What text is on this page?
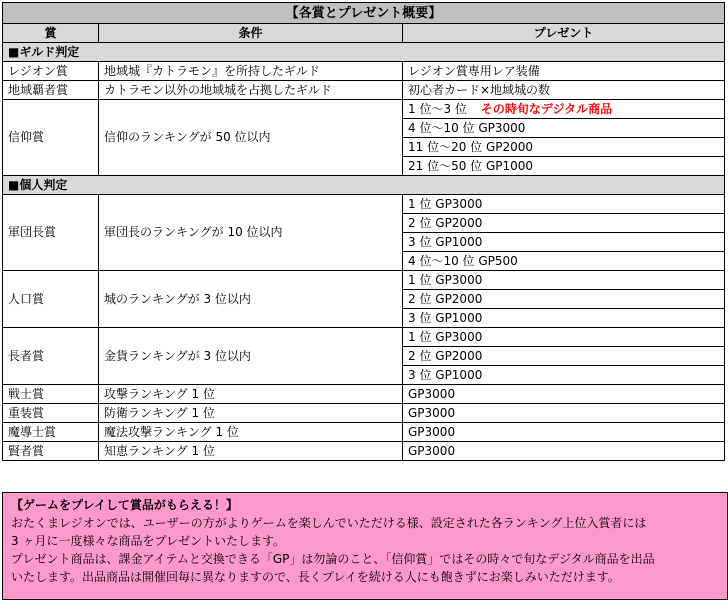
【各賞とプレゼント概要】		
賞	条件	プレゼント
■ギルド判定		
レジオン賞	地域城『カトラモン』を所持したギルド	レジオン賞専用レア装備
地域覇者賞	カトラモン以外の地域城を占拠したギルド	初心者カード×地域城の数
信仰賞	信仰のランキングが 50 位以内	1 位～3 位 その時旬なデジタル商品
		4 位～10 位 GP3000
		11 位～20 位 GP2000
		21 位～50 位 GP1000
■個人判定		
軍団長賞	軍団長のランキングが 10 位以内	1 位 GP3000
		2 位 GP2000
		3 位 GP1000
		4 位～10 位 GP500
人口賞	城のランキングが 3 位以内	1 位 GP3000
		2 位 GP2000
		3 位 GP1000
長者賞	金貨ランキングが 3 位以内	1 位 GP3000
		2 位 GP2000
		3 位 GP1000
戦士賞	攻撃ランキング 1 位	GP3000
重装賞	防衛ランキング 1 位	GP3000
魔導士賞	魔法攻撃ランキング 1 位	GP3000
賢者賞	知恵ランキング 1 位	GP3000

【ゲームをプレイして賞品がもらえる！】

おたくまレジオンでは、ユーザーの方がよりゲームを楽しんでいただける様、設定された各ランキング上位入賞者には

3 ヶ月に一度様々な商品をプレゼントいたします。

プレゼント商品は、課金アイテムと交換できる「GP」は勿論のこと、「信仰賞」ではその時々で旬なデジタル商品を出品

いたします。出品商品は開催回毎に異なりますので、長くプレイを続ける人にも飽きずにお楽しみいただけます。
